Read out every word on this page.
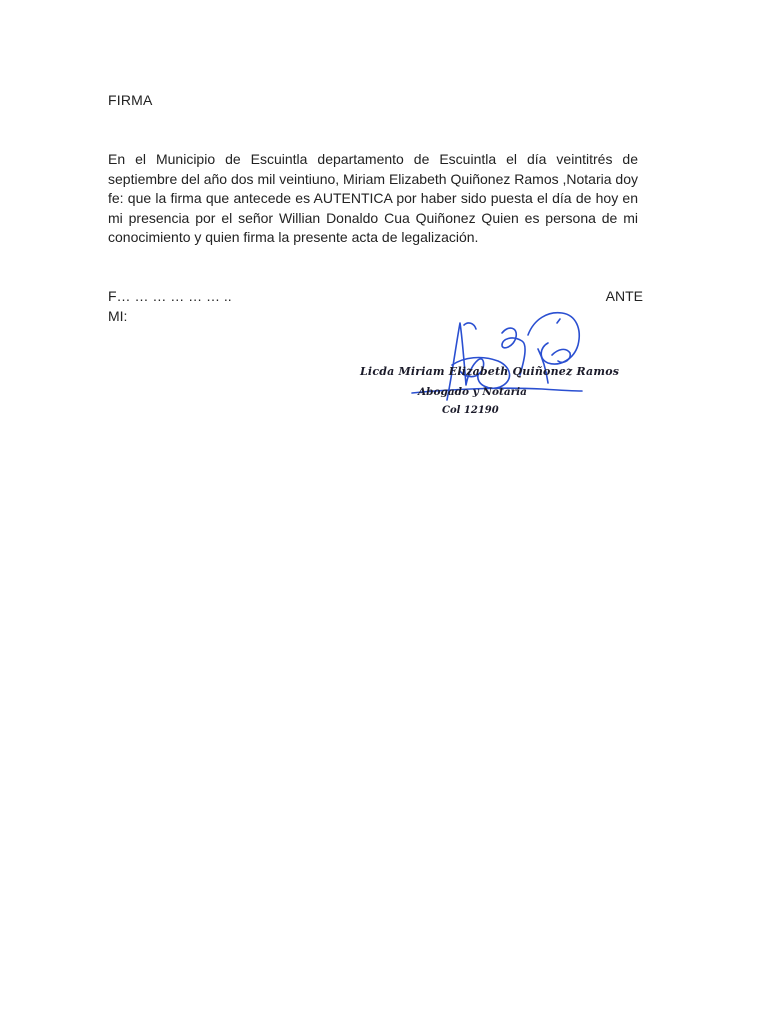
FIRMA
En el Municipio de Escuintla departamento de Escuintla el día veintitrés de septiembre del año dos mil veintiuno, Miriam Elizabeth Quiñonez Ramos ,Notaria doy fe: que la firma que antecede es AUTENTICA por haber sido puesta el día de hoy en mi presencia por el señor Willian Donaldo Cua Quiñonez Quien es persona de mi conocimiento y quien firma la presente acta de legalización.
F… … … … … … ..	ANTE
MI:
Licda Miriam Elizabeth Quiñonez Ramos
Abogado y Notaria
Col 12190
